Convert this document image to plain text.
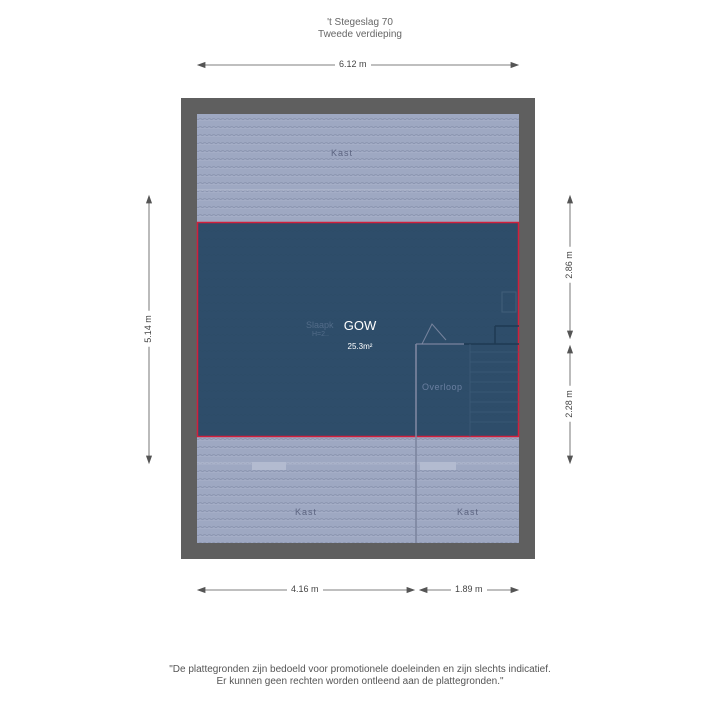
't Stegeslag 70
Tweede verdieping
Kast
Slaapk
H=2..
GOW
25.3m²
Overloop
Kast	Kast
6.12 m
5.14 m
2.86 m
2.28 m
4.16 m	1.89 m
"De plattegronden zijn bedoeld voor promotionele doeleinden en zijn slechts indicatief.
Er kunnen geen rechten worden ontleend aan de plattegronden."
